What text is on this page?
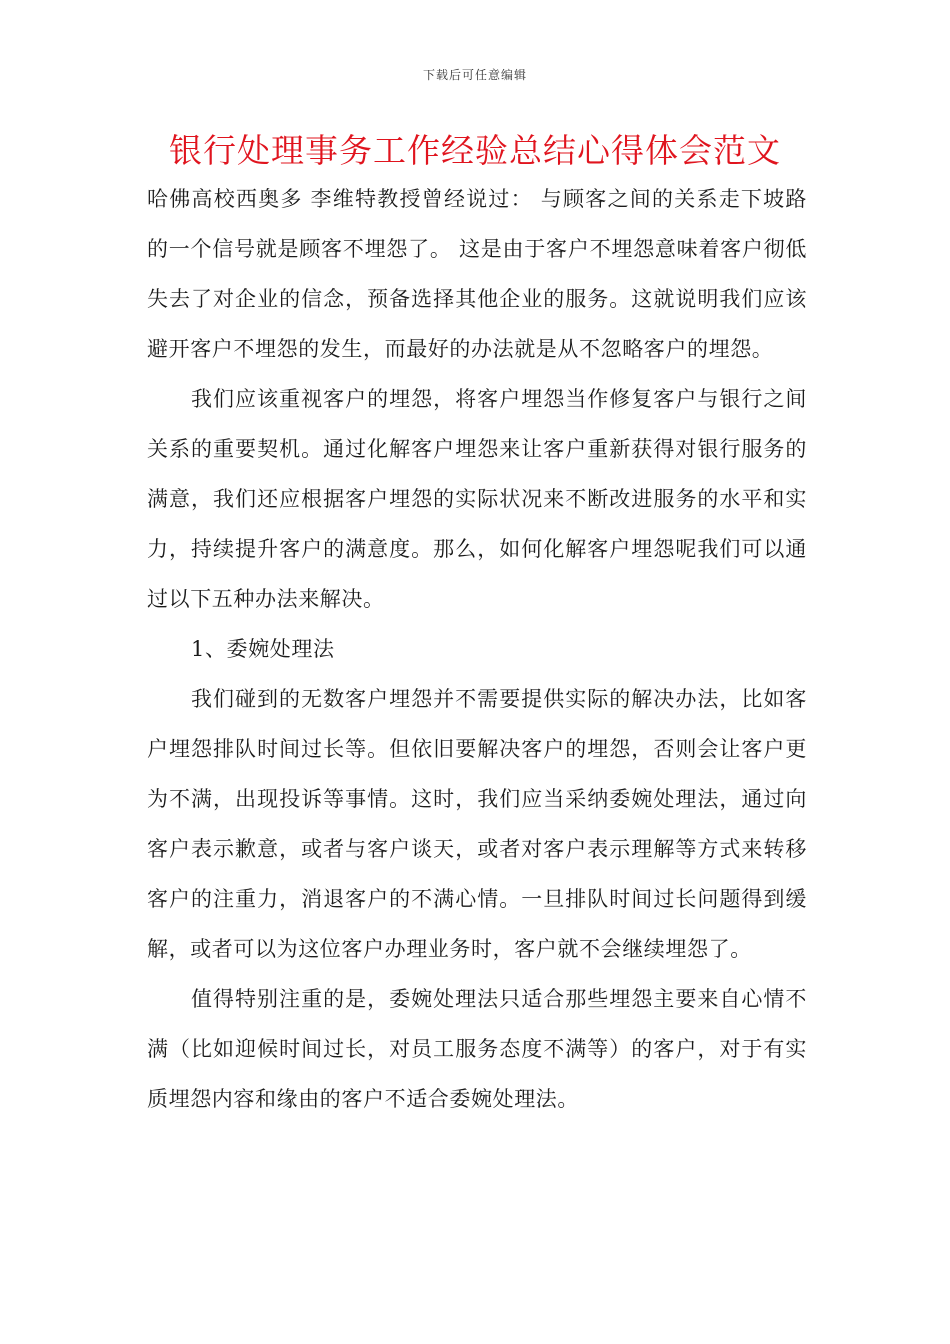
下载后可任意编辑
银行处理事务工作经验总结心得体会范文

哈佛高校西奥多 李维特教授曾经说过： 与顾客之间的关系走下坡路的一个信号就是顾客不埋怨了。 这是由于客户不埋怨意味着客户彻低失去了对企业的信念，预备选择其他企业的服务。这就说明我们应该避开客户不埋怨的发生，而最好的办法就是从不忽略客户的埋怨。

我们应该重视客户的埋怨，将客户埋怨当作修复客户与银行之间关系的重要契机。通过化解客户埋怨来让客户重新获得对银行服务的满意，我们还应根据客户埋怨的实际状况来不断改进服务的水平和实力，持续提升客户的满意度。那么，如何化解客户埋怨呢我们可以通过以下五种办法来解决。

1、委婉处理法

我们碰到的无数客户埋怨并不需要提供实际的解决办法，比如客户埋怨排队时间过长等。但依旧要解决客户的埋怨，否则会让客户更为不满，出现投诉等事情。这时，我们应当采纳委婉处理法，通过向客户表示歉意，或者与客户谈天，或者对客户表示理解等方式来转移客户的注重力，消退客户的不满心情。一旦排队时间过长问题得到缓解，或者可以为这位客户办理业务时，客户就不会继续埋怨了。

值得特别注重的是，委婉处理法只适合那些埋怨主要来自心情不满（比如迎候时间过长，对员工服务态度不满等）的客户，对于有实质埋怨内容和缘由的客户不适合委婉处理法。
